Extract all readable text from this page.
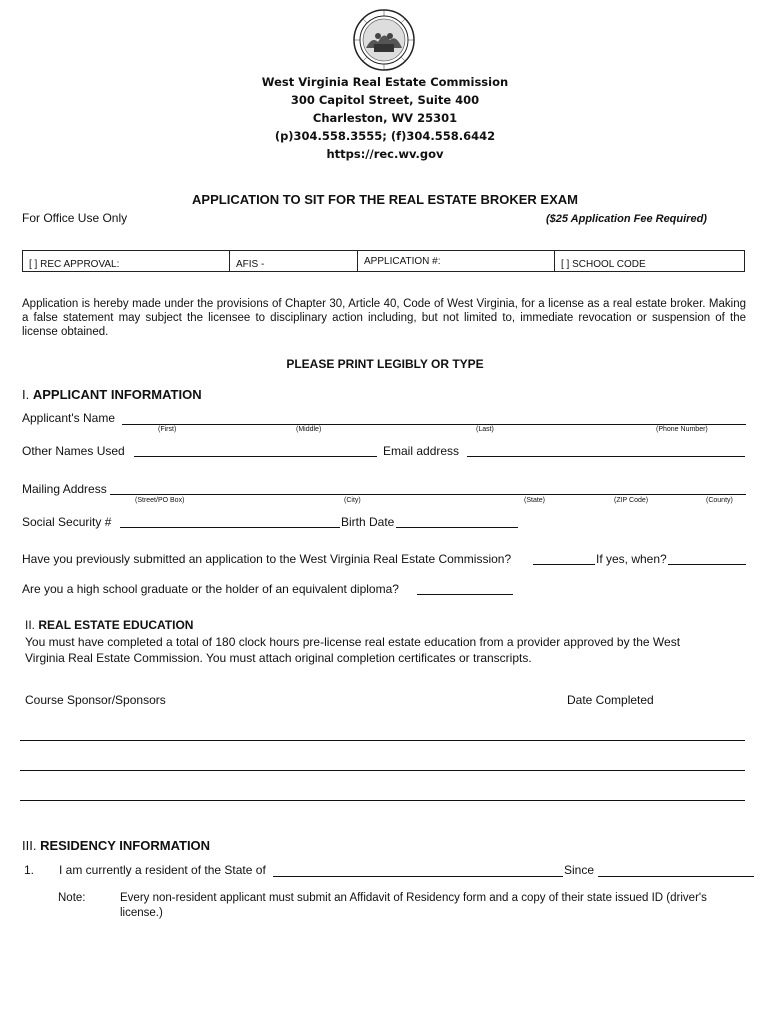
West Virginia Real Estate Commission
300 Capitol Street, Suite 400
Charleston, WV 25301
(p)304.558.3555; (f)304.558.6442
https://rec.wv.gov
APPLICATION TO SIT FOR THE REAL ESTATE BROKER EXAM
For Office Use Only	($25 Application Fee Required)
[ ] REC APPROVAL:	AFIS -	APPLICATION #:	[ ] SCHOOL CODE
Application is hereby made under the provisions of Chapter 30, Article 40, Code of West Virginia, for a license as a real estate broker. Making a false statement may subject the licensee to disciplinary action including, but not limited to, immediate revocation or suspension of the license obtained.
PLEASE PRINT LEGIBLY OR TYPE
I. APPLICANT INFORMATION
Applicant's Name
(First)	(Middle)	(Last)	(Phone Number)
Other Names Used	Email address
Mailing Address
(Street/PO Box)	(City)	(State)	(ZIP Code)	(County)
Social Security #	Birth Date
Have you previously submitted an application to the West Virginia Real Estate Commission?	If yes, when?
Are you a high school graduate or the holder of an equivalent diploma?
II. REAL ESTATE EDUCATION
You must have completed a total of 180 clock hours pre-license real estate education from a provider approved by the West Virginia Real Estate Commission. You must attach original completion certificates or transcripts.
Course Sponsor/Sponsors	Date Completed
III. RESIDENCY INFORMATION
1. I am currently a resident of the State of	Since
Note:	Every non-resident applicant must submit an Affidavit of Residency form and a copy of their state issued ID (driver's license.)
